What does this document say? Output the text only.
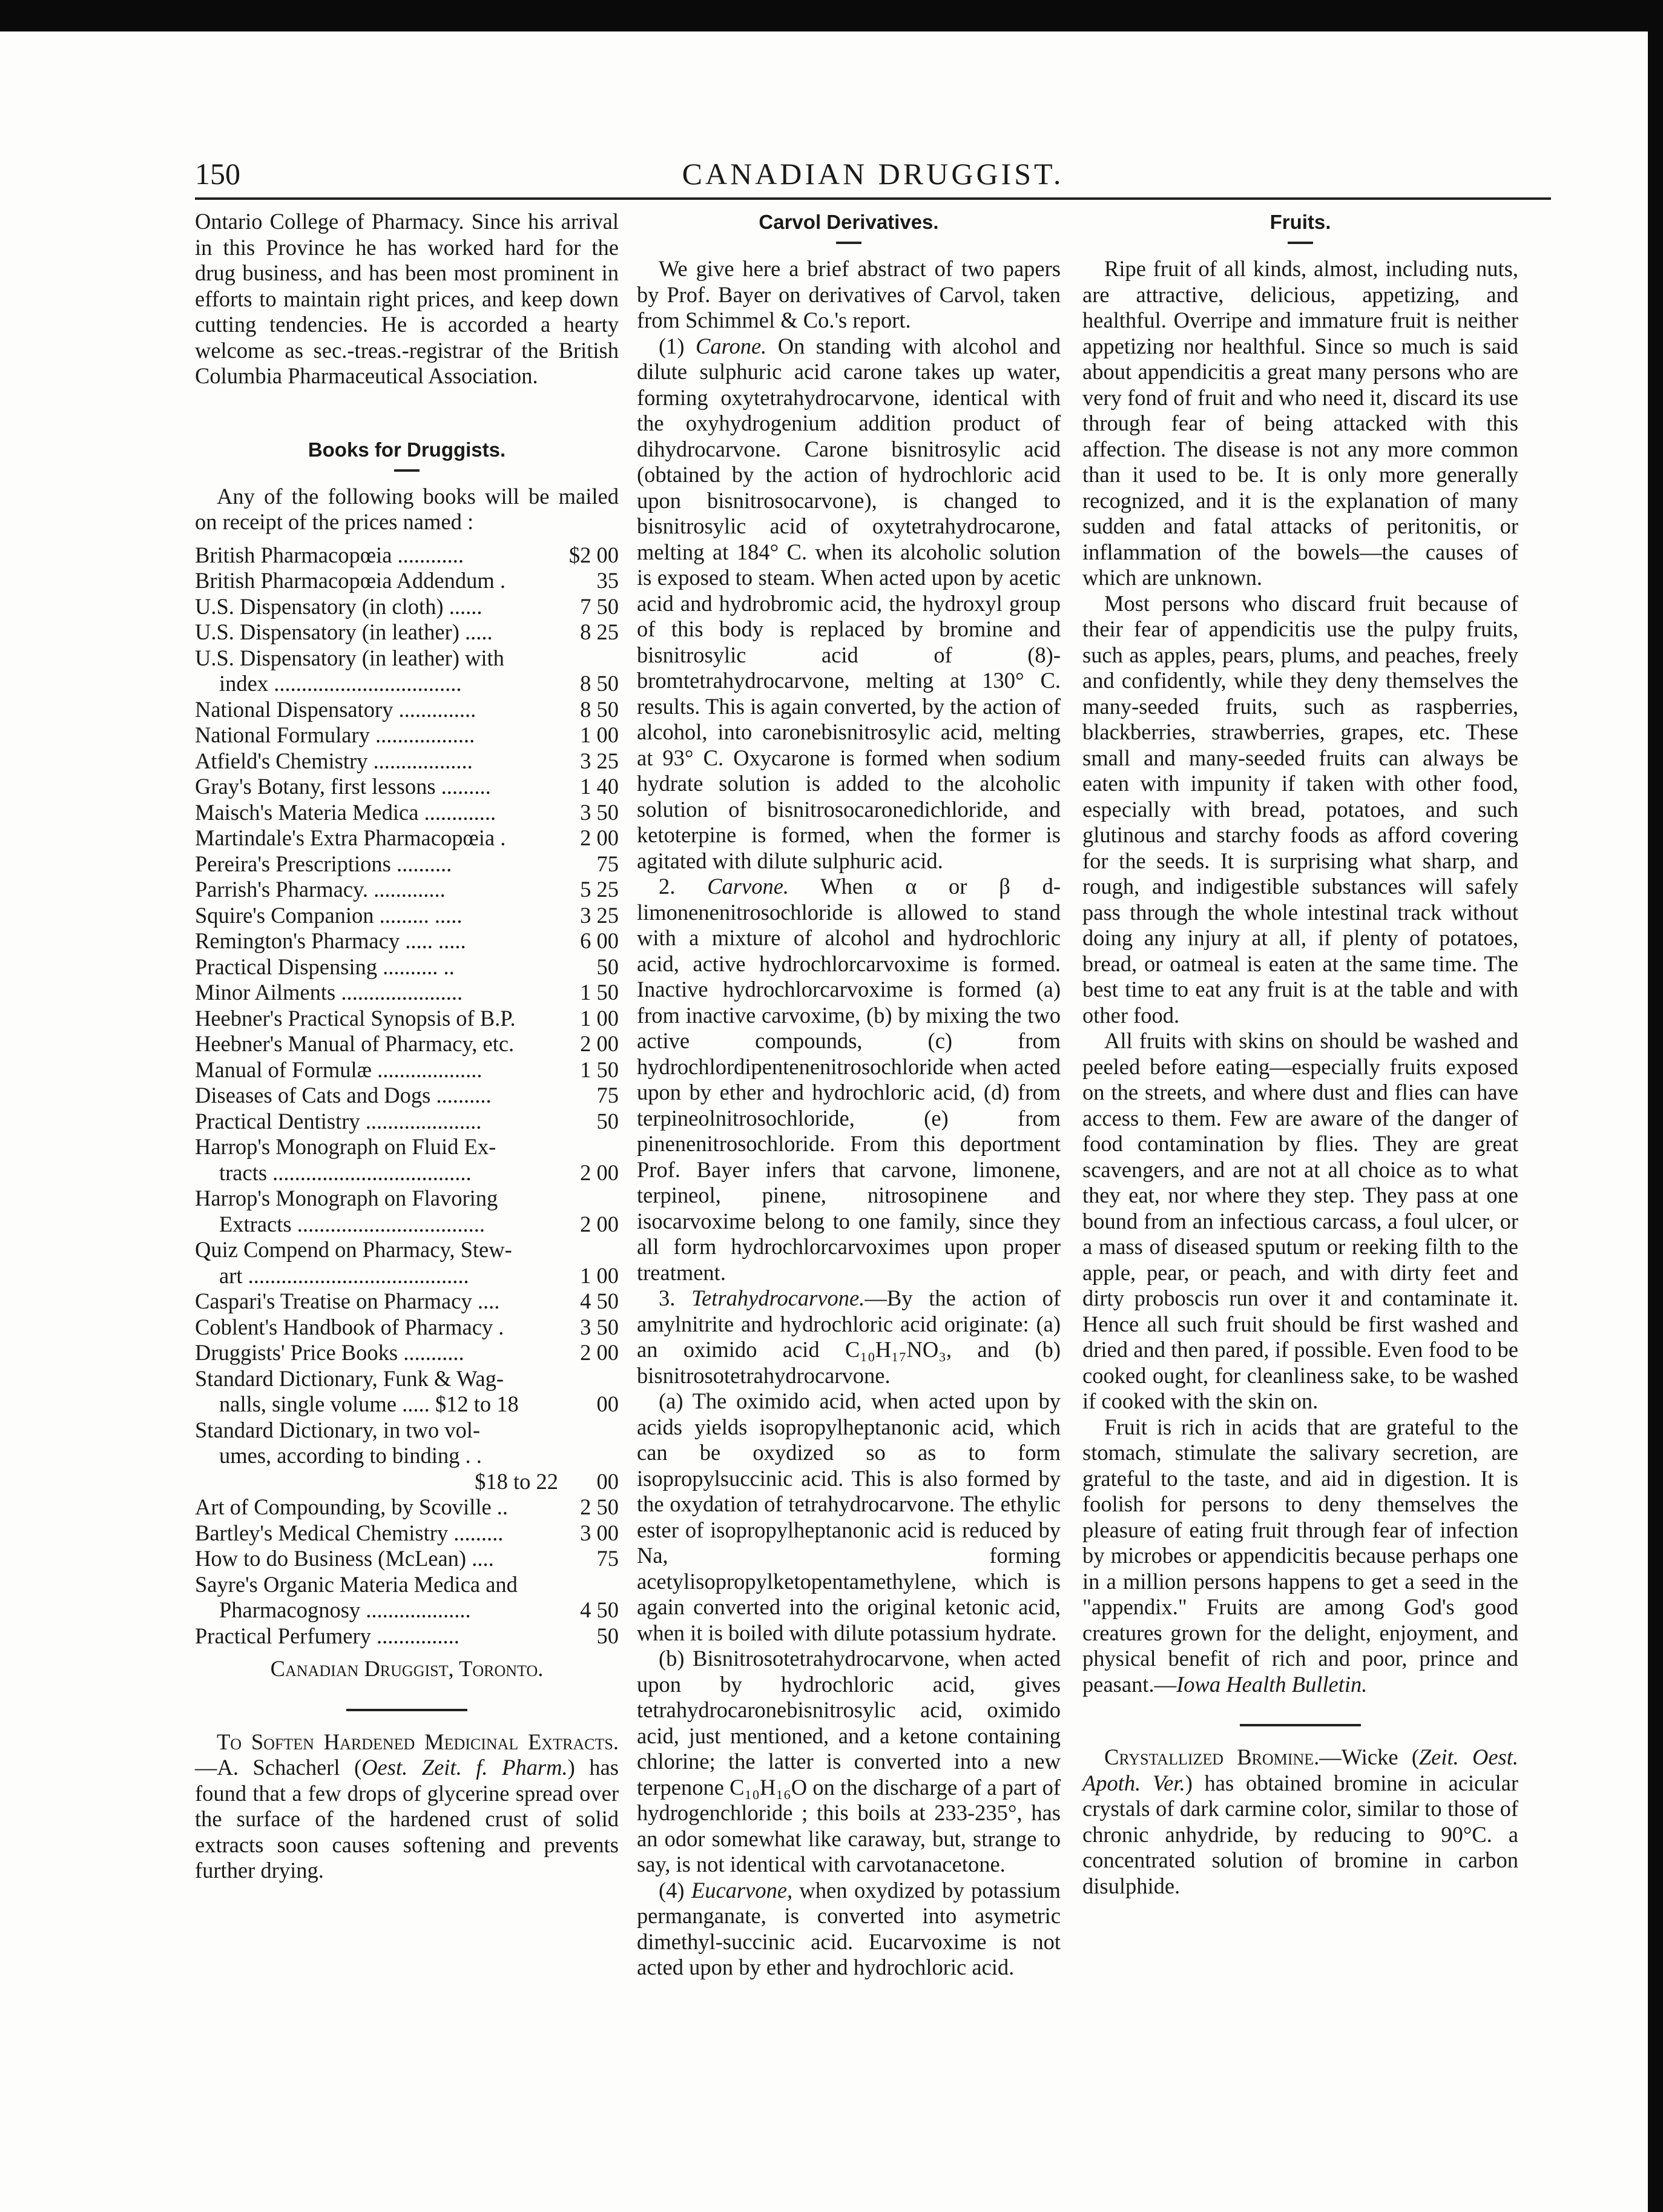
150	CANADIAN DRUGGIST.

Ontario College of Pharmacy. Since his arrival in this Province he has worked hard for the drug business, and has been most prominent in efforts to maintain right prices, and keep down cutting tendencies. He is accorded a hearty welcome as sec.-treas.-registrar of the British Columbia Pharmaceutical Association.

Books for Druggists.

Any of the following books will be mailed on receipt of the prices named :

British Pharmacopœia ............	$2 00
British Pharmacopœia Addendum .	35
U.S. Dispensatory (in cloth) ......	7 50
U.S. Dispensatory (in leather) .....	8 25
U.S. Dispensatory (in leather) with
index ..................................	8 50
National Dispensatory ..............	8 50
National Formulary ..................	1 00
Atfield's Chemistry ..................	3 25
Gray's Botany, first lessons .........	1 40
Maisch's Materia Medica .............	3 50
Martindale's Extra Pharmacopœia .	2 00
Pereira's Prescriptions ..........	75
Parrish's Pharmacy. .............	5 25
Squire's Companion ......... .....	3 25
Remington's Pharmacy ..... .....	6 00
Practical Dispensing .......... ..	50
Minor Ailments ......................	1 50
Heebner's Practical Synopsis of B.P.	1 00
Heebner's Manual of Pharmacy, etc.	2 00
Manual of Formulæ ...................	1 50
Diseases of Cats and Dogs ..........	75
Practical Dentistry .....................	50
Harrop's Monograph on Fluid Ex-
tracts ....................................	2 00
Harrop's Monograph on Flavoring
Extracts ..................................	2 00
Quiz Compend on Pharmacy, Stew-
art ........................................	1 00
Caspari's Treatise on Pharmacy ....	4 50
Coblent's Handbook of Pharmacy .	3 50
Druggists' Price Books ...........	2 00
Standard Dictionary, Funk & Wag-
nalls, single volume ..... $12 to 18	00
Standard Dictionary, in two vol-
umes, according to binding . .
$18 to 22	00
Art of Compounding, by Scoville ..	2 50
Bartley's Medical Chemistry .........	3 00
How to do Business (McLean) ....	75
Sayre's Organic Materia Medica and
Pharmacognosy ...................	4 50
Practical Perfumery ...............	50
Canadian Druggist, Toronto.

To Soften Hardened Medicinal Extracts.—A. Schacherl (Oest. Zeit. f. Pharm.) has found that a few drops of glycerine spread over the surface of the hardened crust of solid extracts soon causes softening and prevents further drying.

Carvol Derivatives.

We give here a brief abstract of two papers by Prof. Bayer on derivatives of Carvol, taken from Schimmel & Co.'s report.

(1) Carone. On standing with alcohol and dilute sulphuric acid carone takes up water, forming oxytetrahydrocarvone, identical with the oxyhydrogenium addition product of dihydrocarvone. Carone bisnitrosylic acid (obtained by the action of hydrochloric acid upon bisnitrosocarvone), is changed to bisnitrosylic acid of oxytetrahydrocarone, melting at 184° C. when its alcoholic solution is exposed to steam. When acted upon by acetic acid and hydrobromic acid, the hydroxyl group of this body is replaced by bromine and bisnitrosylic acid of (8)-bromtetrahydrocarvone, melting at 130° C. results. This is again converted, by the action of alcohol, into caronebisnitrosylic acid, melting at 93° C. Oxycarone is formed when sodium hydrate solution is added to the alcoholic solution of bisnitrosocaronedichloride, and ketoterpine is formed, when the former is agitated with dilute sulphuric acid.

2. Carvone. When α or β d-limonenenitrosochloride is allowed to stand with a mixture of alcohol and hydrochloric acid, active hydrochlorcarvoxime is formed. Inactive hydrochlorcarvoxime is formed (a) from inactive carvoxime, (b) by mixing the two active compounds, (c) from hydrochlordipentenenitrosochloride when acted upon by ether and hydrochloric acid, (d) from terpineolnitrosochloride, (e) from pinenenitrosochloride. From this deportment Prof. Bayer infers that carvone, limonene, terpineol, pinene, nitrosopinene and isocarvoxime belong to one family, since they all form hydrochlorcarvoximes upon proper treatment.

3. Tetrahydrocarvone.—By the action of amylnitrite and hydrochloric acid originate: (a) an oximido acid C₁₀H₁₇NO₃, and (b) bisnitrosotetrahydrocarvone.

(a) The oximido acid, when acted upon by acids yields isopropylheptanonic acid, which can be oxydized so as to form isopropylsuccinic acid. This is also formed by the oxydation of tetrahydrocarvone. The ethylic ester of isopropylheptanonic acid is reduced by Na, forming acetylisopropylketopentamethylene, which is again converted into the original ketonic acid, when it is boiled with dilute potassium hydrate.

(b) Bisnitrosotetrahydrocarvone, when acted upon by hydrochloric acid, gives tetrahydrocaronebisnitrosylic acid, oximido acid, just mentioned, and a ketone containing chlorine; the latter is converted into a new terpenone C₁₀H₁₆O on the discharge of a part of hydrogenchloride ; this boils at 233-235°, has an odor somewhat like caraway, but, strange to say, is not identical with carvotanacetone.

(4) Eucarvone, when oxydized by potassium permanganate, is converted into asymetric dimethyl-succinic acid. Eucarvoxime is not acted upon by ether and hydrochloric acid.

Fruits.

Ripe fruit of all kinds, almost, including nuts, are attractive, delicious, appetizing, and healthful. Overripe and immature fruit is neither appetizing nor healthful. Since so much is said about appendicitis a great many persons who are very fond of fruit and who need it, discard its use through fear of being attacked with this affection. The disease is not any more common than it used to be. It is only more generally recognized, and it is the explanation of many sudden and fatal attacks of peritonitis, or inflammation of the bowels—the causes of which are unknown.

Most persons who discard fruit because of their fear of appendicitis use the pulpy fruits, such as apples, pears, plums, and peaches, freely and confidently, while they deny themselves the many-seeded fruits, such as raspberries, blackberries, strawberries, grapes, etc. These small and many-seeded fruits can always be eaten with impunity if taken with other food, especially with bread, potatoes, and such glutinous and starchy foods as afford covering for the seeds. It is surprising what sharp, and rough, and indigestible substances will safely pass through the whole intestinal track without doing any injury at all, if plenty of potatoes, bread, or oatmeal is eaten at the same time. The best time to eat any fruit is at the table and with other food.

All fruits with skins on should be washed and peeled before eating—especially fruits exposed on the streets, and where dust and flies can have access to them. Few are aware of the danger of food contamination by flies. They are great scavengers, and are not at all choice as to what they eat, nor where they step. They pass at one bound from an infectious carcass, a foul ulcer, or a mass of diseased sputum or reeking filth to the apple, pear, or peach, and with dirty feet and dirty proboscis run over it and contaminate it. Hence all such fruit should be first washed and dried and then pared, if possible. Even food to be cooked ought, for cleanliness sake, to be washed if cooked with the skin on.

Fruit is rich in acids that are grateful to the stomach, stimulate the salivary secretion, are grateful to the taste, and aid in digestion. It is foolish for persons to deny themselves the pleasure of eating fruit through fear of infection by microbes or appendicitis because perhaps one in a million persons happens to get a seed in the "appendix." Fruits are among God's good creatures grown for the delight, enjoyment, and physical benefit of rich and poor, prince and peasant.—Iowa Health Bulletin.

Crystallized Bromine.—Wicke (Zeit. Oest. Apoth. Ver.) has obtained bromine in acicular crystals of dark carmine color, similar to those of chronic anhydride, by reducing to 90°C. a concentrated solution of bromine in carbon disulphide.
